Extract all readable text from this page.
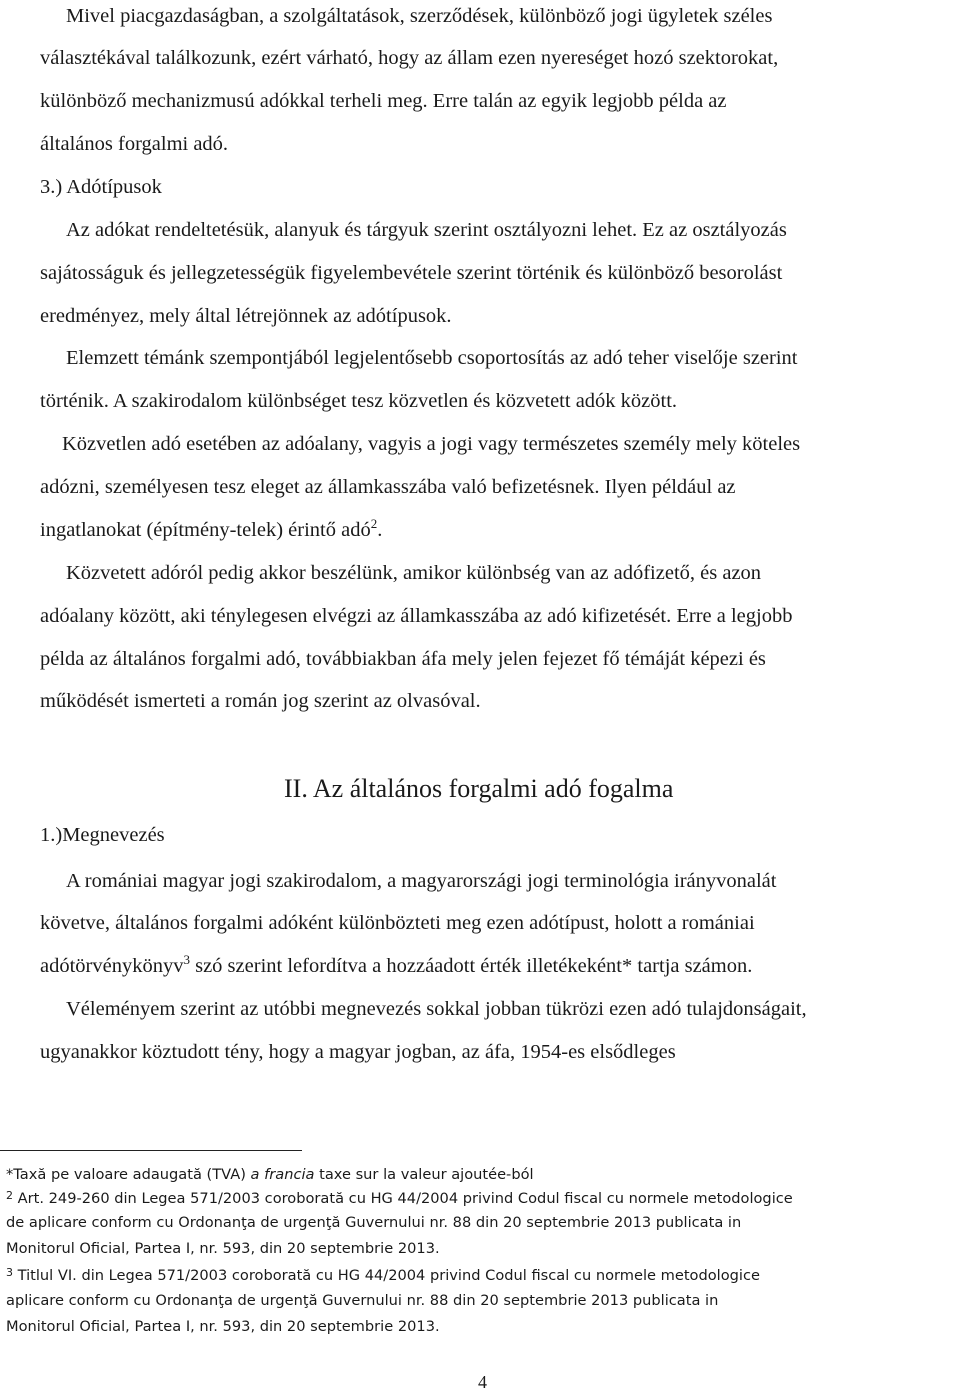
Mivel piacgazdaságban, a szolgáltatások, szerződések, különböző jogi ügyletek széles
választékával találkozunk, ezért várható, hogy az állam ezen nyereséget hozó szektorokat,
különböző mechanizmusú adókkal terheli meg. Erre talán az egyik legjobb példa az
általános forgalmi adó.
3.) Adótípusok
Az adókat rendeltetésük, alanyuk és tárgyuk szerint osztályozni lehet. Ez az osztályozás
sajátosságuk és jellegzetességük figyelembevétele szerint történik és különböző besorolást
eredményez, mely által létrejönnek az adótípusok.
Elemzett témánk szempontjából legjelentősebb csoportosítás az adó teher viselője szerint
történik. A szakirodalom különbséget tesz közvetlen és közvetett adók között.
Közvetlen adó esetében az adóalany, vagyis a jogi vagy természetes személy mely köteles
adózni, személyesen tesz eleget az államkasszába való befizetésnek. Ilyen például az
ingatlanokat (építmény-telek) érintő adó$^2$.
Közvetett adóról pedig akkor beszélünk, amikor különbség van az adófizető, és azon
adóalany között, aki ténylegesen elvégzi az államkasszába az adó kifizetését. Erre a legjobb
példa az általános forgalmi adó, továbbiakban áfa mely jelen fejezet fő témáját képezi és
működését ismerteti a román jog szerint az olvasóval.
II. Az általános forgalmi adó fogalma
1.)Megnevezés
A romániai magyar jogi szakirodalom, a magyarországi jogi terminológia irányvonalát
követve, általános forgalmi adóként különbözteti meg ezen adótípust, holott a romániai
adótörvénykönyv$^3$ szó szerint lefordítva a hozzáadott érték illetékeként* tartja számon.
Véleményem szerint az utóbbi megnevezés sokkal jobban tükrözi ezen adó tulajdonságait,
ugyanakkor köztudott tény, hogy a magyar jogban, az áfa, 1954-es elsődleges
*Taxă pe valoare adaugată (TVA) a francia taxe sur la valeur ajoutée-ból
$^2$ Art. 249-260 din Legea 571/2003 coroborată cu HG 44/2004 privind Codul fiscal cu normele metodologice
de aplicare conform cu Ordonanţa de urgenţă Guvernului nr. 88 din 20 septembrie 2013 publicata in
Monitorul Oficial, Partea I, nr. 593, din 20 septembrie 2013.
$^3$ Titlul VI. din Legea 571/2003 coroborată cu HG 44/2004 privind Codul fiscal cu normele metodologice
aplicare conform cu Ordonanţa de urgenţă Guvernului nr. 88 din 20 septembrie 2013 publicata in
Monitorul Oficial, Partea I, nr. 593, din 20 septembrie 2013.
4
